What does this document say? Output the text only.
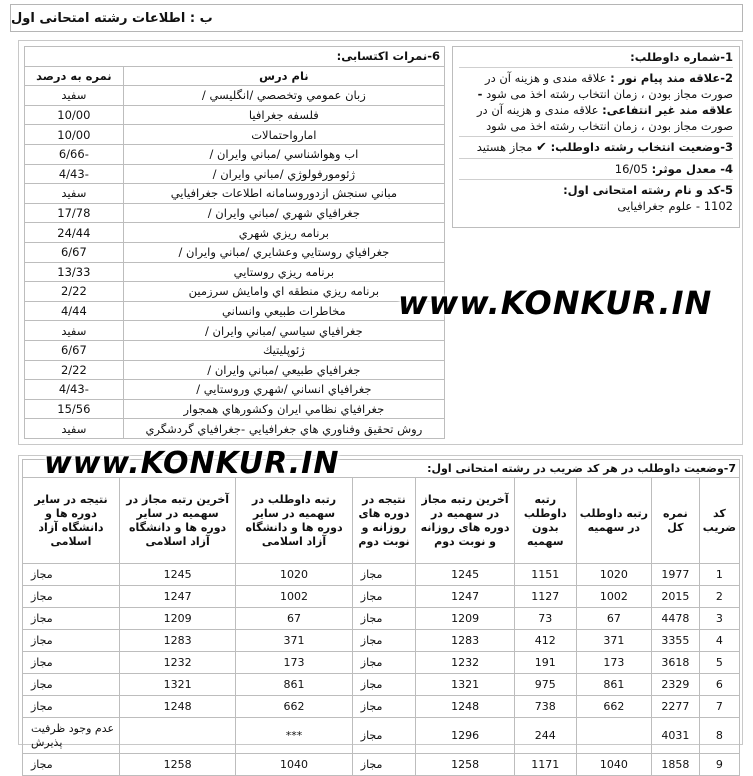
ب : اطلاعات رشته امتحانی اول
1-شماره داوطلب:
2-علاقه مند پیام نور : علاقه مندی و هزینه آن در صورت مجاز بودن ، زمان انتخاب رشته اخذ می شود - علاقه مند غیر انتفاعی: علاقه مندی و هزینه آن در صورت مجاز بودن ، زمان انتخاب رشته اخذ می شود
3-وضعیت انتخاب رشته داوطلب: ✔ مجاز هستید
4- معدل موثر: 16/05
5-کد و نام رشته امتحانی اول:
1102 - علوم جغرافیایی
6-نمرات اکتسابی:	
نام درس	نمره به درصد
زبان عمومي وتخصصي /انگليسي /	سفيد
فلسفه جغرافيا	10/00
امارواحتمالات	10/00
اب وهواشناسي /مباني وايران /	-6/66
ژئومورفولوژي /مباني وايران /	-4/43
مباني سنجش ازدوروسامانه اطلاعات جغرافيايي	سفيد
جغرافياي شهري /مباني وايران /	17/78
برنامه ريزي شهري	24/44
جغرافياي روستايي وعشايري /مباني وايران /	6/67
برنامه ريزي روستايي	13/33
برنامه ريزي منطقه اي وامايش سرزمين	2/22
مخاطرات طبيعي وانساني	4/44
جغرافياي سياسي /مباني وايران /	سفيد
ژئوپليتيك	6/67
جغرافياي طبيعي /مباني وايران /	2/22
جغرافياي انساني /شهري وروستايي /	-4/43
جغرافياي نظامي ايران وكشورهاي همجوار	15/56
روش تحقيق وفناوري هاي جغرافيايي -جغرافياي گردشگري	سفيد
7-وضعیت داوطلب در هر کد ضریب در رشته امتحانی اول:								
کد ضریب	نمره کل	رتبه داوطلب در سهمیه	رتبه داوطلب بدون سهمیه	آخرین رتبه مجاز در سهمیه در دوره های روزانه و نوبت دوم	نتیجه در دوره های روزانه و نوبت دوم	رتبه داوطلب در سهمیه در سایر دوره ها و دانشگاه آزاد اسلامی	آخرین رتبه مجاز در سهمیه در سایر دوره ها و دانشگاه آزاد اسلامی	نتیجه در سایر دوره ها و دانشگاه آزاد اسلامی
1	1977	1020	1151	1245	مجاز	1020	1245	مجاز
2	2015	1002	1127	1247	مجاز	1002	1247	مجاز
3	4478	67	73	1209	مجاز	67	1209	مجاز
4	3355	371	412	1283	مجاز	371	1283	مجاز
5	3618	173	191	1232	مجاز	173	1232	مجاز
6	2329	861	975	1321	مجاز	861	1321	مجاز
7	2277	662	738	1248	مجاز	662	1248	مجاز
8	4031		244	1296	مجاز	***		عدم وجود ظرفیت پذیرش
9	1858	1040	1171	1258	مجاز	1040	1258	مجاز
www.KONKUR.IN
www.KONKUR.IN
